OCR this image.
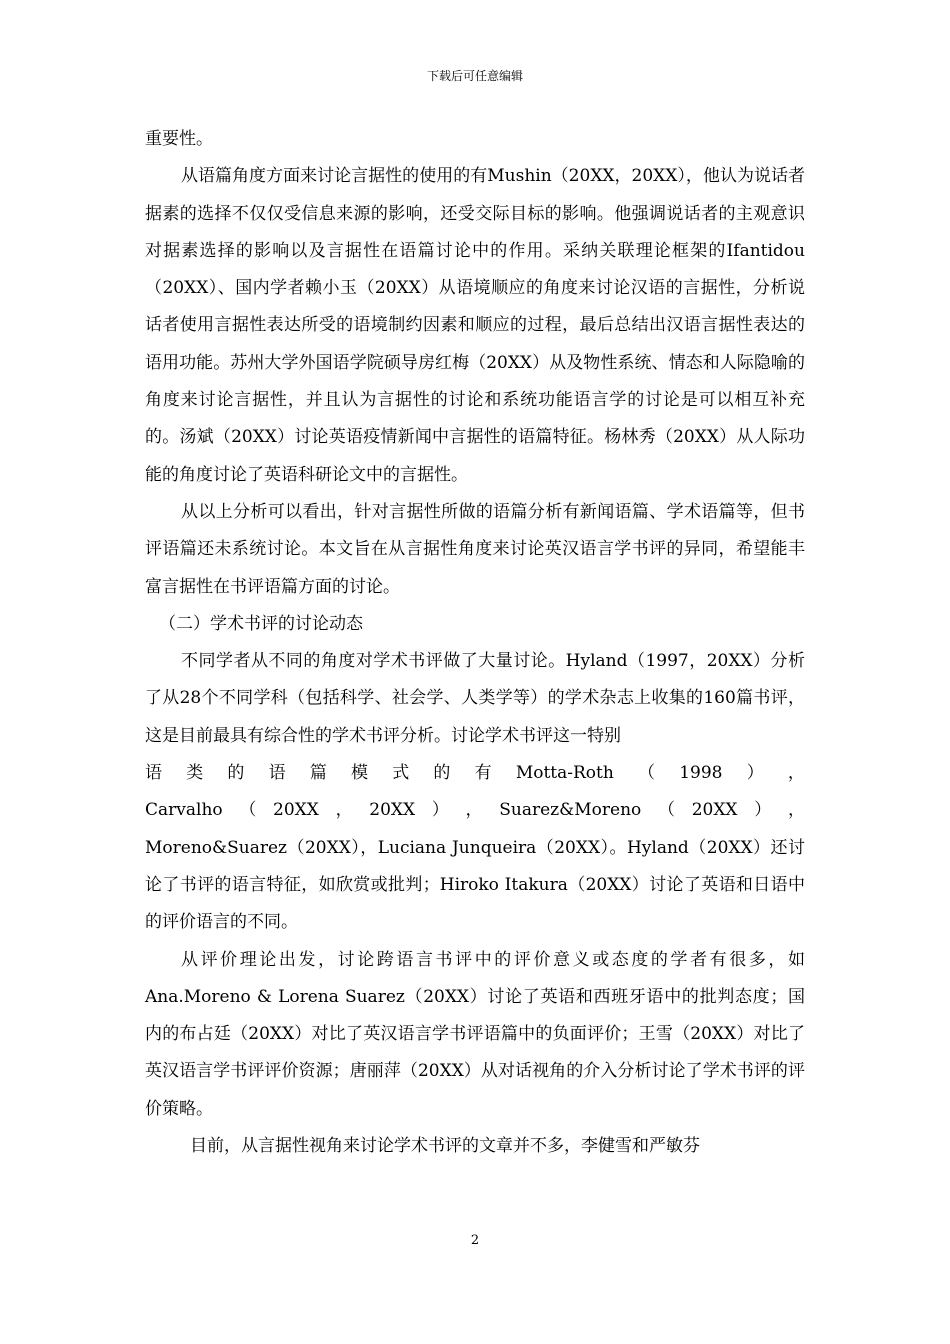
下载后可任意编辑

重要性。

从语篇角度方面来讨论言据性的使用的有Mushin（20XX，20XX），他认为说话者据素的选择不仅仅受信息来源的影响，还受交际目标的影响。他强调说话者的主观意识对据素选择的影响以及言据性在语篇讨论中的作用。采纳关联理论框架的Ifantidou（20XX）、国内学者赖小玉（20XX）从语境顺应的角度来讨论汉语的言据性，分析说话者使用言据性表达所受的语境制约因素和顺应的过程，最后总结出汉语言据性表达的语用功能。苏州大学外国语学院硕导房红梅（20XX）从及物性系统、情态和人际隐喻的角度来讨论言据性，并且认为言据性的讨论和系统功能语言学的讨论是可以相互补充的。汤斌（20XX）讨论英语疫情新闻中言据性的语篇特征。杨林秀（20XX）从人际功能的角度讨论了英语科研论文中的言据性。

从以上分析可以看出，针对言据性所做的语篇分析有新闻语篇、学术语篇等，但书评语篇还未系统讨论。本文旨在从言据性角度来讨论英汉语言学书评的异同，希望能丰富言据性在书评语篇方面的讨论。

（二）学术书评的讨论动态

不同学者从不同的角度对学术书评做了大量讨论。Hyland（1997，20XX）分析了从28个不同学科（包括科学、社会学、人类学等）的学术杂志上收集的160篇书评，这是目前最具有综合性的学术书评分析。讨论学术书评这一特别

语 类 的 语 篇 模 式 的 有 Motta-Roth （ 1998 ） ，
Carvalho （ 20XX ， 20XX ） ， Suarez&Moreno （ 20XX ） ，

Moreno&Suarez（20XX），Luciana Junqueira（20XX）。Hyland（20XX）还讨论了书评的语言特征，如欣赏或批判；Hiroko Itakura（20XX）讨论了英语和日语中的评价语言的不同。

从评价理论出发，讨论跨语言书评中的评价意义或态度的学者有很多，如Ana.Moreno & Lorena Suarez（20XX）讨论了英语和西班牙语中的批判态度；国内的布占廷（20XX）对比了英汉语言学书评语篇中的负面评价；王雪（20XX）对比了英汉语言学书评评价资源；唐丽萍（20XX）从对话视角的介入分析讨论了学术书评的评价策略。

目前，从言据性视角来讨论学术书评的文章并不多，李健雪和严敏芬

2
